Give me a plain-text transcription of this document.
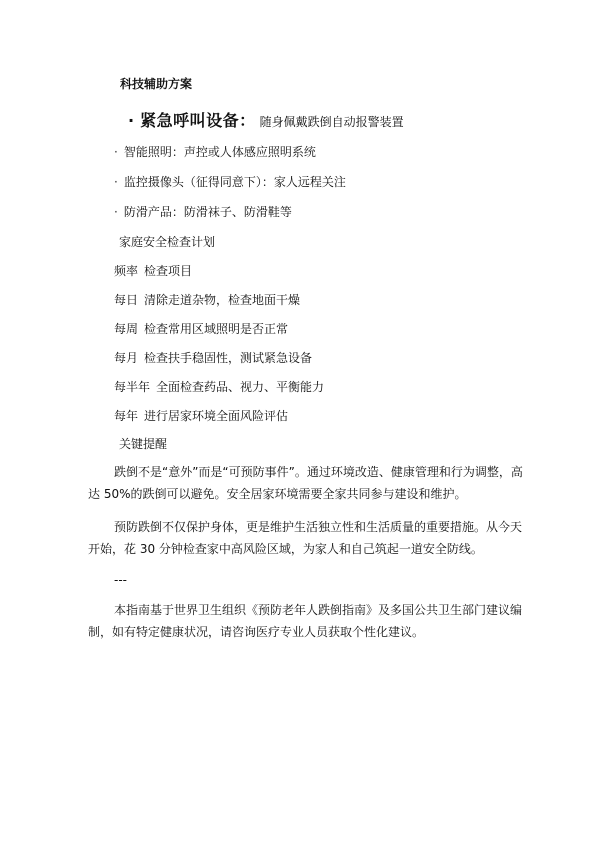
科技辅助方案
· 紧急呼叫设备： 随身佩戴跌倒自动报警装置
· 智能照明：声控或人体感应照明系统
· 监控摄像头（征得同意下）：家人远程关注
· 防滑产品：防滑袜子、防滑鞋等
家庭安全检查计划
频率 检查项目
每日 清除走道杂物，检查地面干燥
每周 检查常用区域照明是否正常
每月 检查扶手稳固性，测试紧急设备
每半年 全面检查药品、视力、平衡能力
每年 进行居家环境全面风险评估
关键提醒
跌倒不是“意外”而是“可预防事件”。通过环境改造、健康管理和行为调整，高达 50%的跌倒可以避免。安全居家环境需要全家共同参与建设和维护。
预防跌倒不仅保护身体，更是维护生活独立性和生活质量的重要措施。从今天开始，花 30 分钟检查家中高风险区域，为家人和自己筑起一道安全防线。
---
本指南基于世界卫生组织《预防老年人跌倒指南》及多国公共卫生部门建议编制，如有特定健康状况，请咨询医疗专业人员获取个性化建议。
